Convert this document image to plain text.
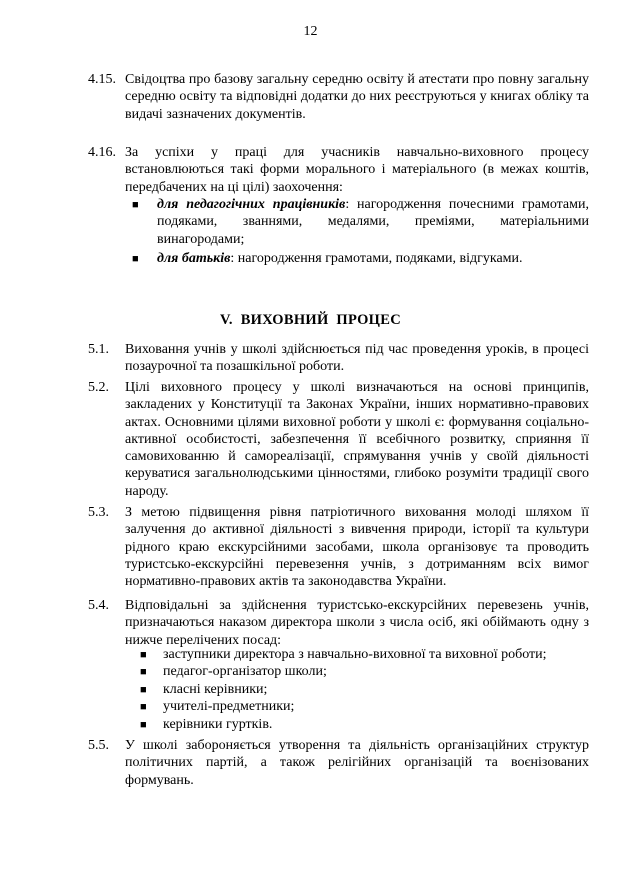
12
4.15. Свідоцтва про базову загальну середню освіту й атестати про повну загальну середню освіту та відповідні додатки до них реєструються у книгах обліку та видачі зазначених документів.
4.16. За успіхи у праці для учасників навчально-виховного процесу встановлюються такі форми морального і матеріального (в межах коштів, передбачених на ці цілі) заохочення:
■ для педагогічних працівників: нагородження почесними грамотами, подяками, званнями, медалями, преміями, матеріальними винагородами;
■ для батьків: нагородження грамотами, подяками, відгуками.
V.  ВИХОВНИЙ  ПРОЦЕС
5.1. Виховання учнів у школі здійснюється під час проведення уроків, в процесі позаурочної та позашкільної роботи.
5.2. Цілі виховного процесу у школі визначаються на основі принципів, закладених у Конституції та Законах України, інших нормативно-правових актах. Основними цілями виховної роботи у школі є: формування соціально-активної особистості, забезпечення її всебічного розвитку, сприяння її самовихованню й самореалізації, спрямування учнів у своїй діяльності керуватися загальнолюдськими цінностями, глибоко розуміти традиції свого народу.
5.3. З метою підвищення рівня патріотичного виховання молоді шляхом її залучення до активної діяльності з вивчення природи, історії та культури рідного краю екскурсійними засобами, школа організовує та проводить туристсько-екскурсійні перевезення учнів, з дотриманням всіх вимог нормативно-правових актів та законодавства України.
5.4. Відповідальні за здійснення туристсько-екскурсійних перевезень учнів, призначаються наказом директора школи з числа осіб, які обіймають одну з нижче перелічених посад:
■ заступники директора з навчально-виховної та виховної роботи;
■ педагог-організатор школи;
■ класні керівники;
■ учителі-предметники;
■ керівники гуртків.
5.5. У школі забороняється утворення та діяльність організаційних структур політичних партій, а також релігійних організацій та воєнізованих формувань.
